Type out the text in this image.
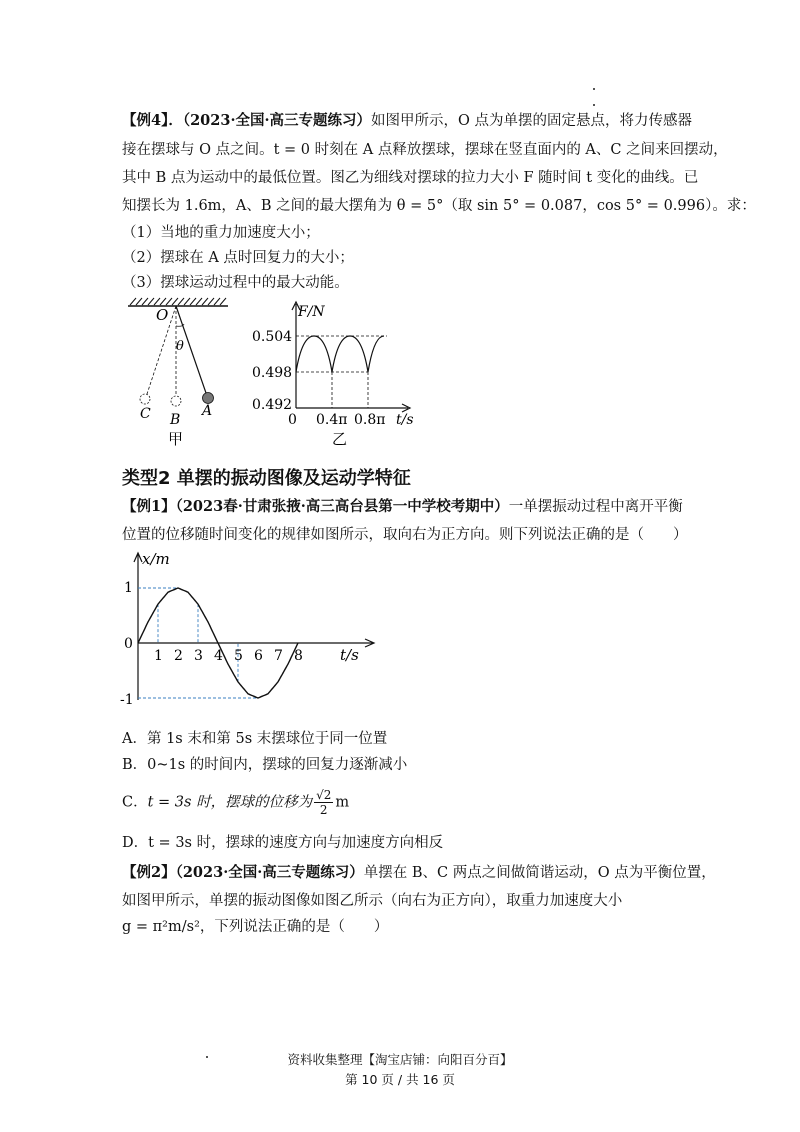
【例4】．（2023·全国·高三专题练习）如图甲所示，O 点为单摆的固定悬点，将力传感器
接在摆球与 O 点之间。t = 0 时刻在 A 点释放摆球，摆球在竖直面内的 A、C 之间来回摆动，
其中 B 点为运动中的最低位置。图乙为细线对摆球的拉力大小 F 随时间 t 变化的曲线。已
知摆长为 1.6m，A、B 之间的最大摆角为 θ = 5°（取 sin 5° = 0.087，cos 5° = 0.996）。求：
（1）当地的重力加速度大小；
（2）摆球在 A 点时回复力的大小；
（3）摆球运动过程中的最大动能。
O
θ
C B
A
甲
F/N
0.504
0.498
0.492
0 0.4π 0.8π t/s
乙
类型2 单摆的振动图像及运动学特征
【例1】（2023春·甘肃张掖·高三高台县第一中学校考期中）一单摆振动过程中离开平衡
位置的位移随时间变化的规律如图所示，取向右为正方向。则下列说法正确的是（　　）
1 2 3 4 5 6 7 8
x/m
1
0
-1
t/s
A．第 1s 末和第 5s 末摆球位于同一位置
B．0~1s 的时间内，摆球的回复力逐渐减小
C．t = 3s 时，摆球的位移为 $\frac{√2}{2}$ m
D．t = 3s 时，摆球的速度方向与加速度方向相反
【例2】（2023·全国·高三专题练习）单摆在 B、C 两点之间做简谐运动，O 点为平衡位置，
如图甲所示，单摆的振动图像如图乙所示（向右为正方向），取重力加速度大小
g = π²m/s²，下列说法正确的是（　　）
资料收集整理【淘宝店铺：向阳百分百】
第 10 页 / 共 16 页
